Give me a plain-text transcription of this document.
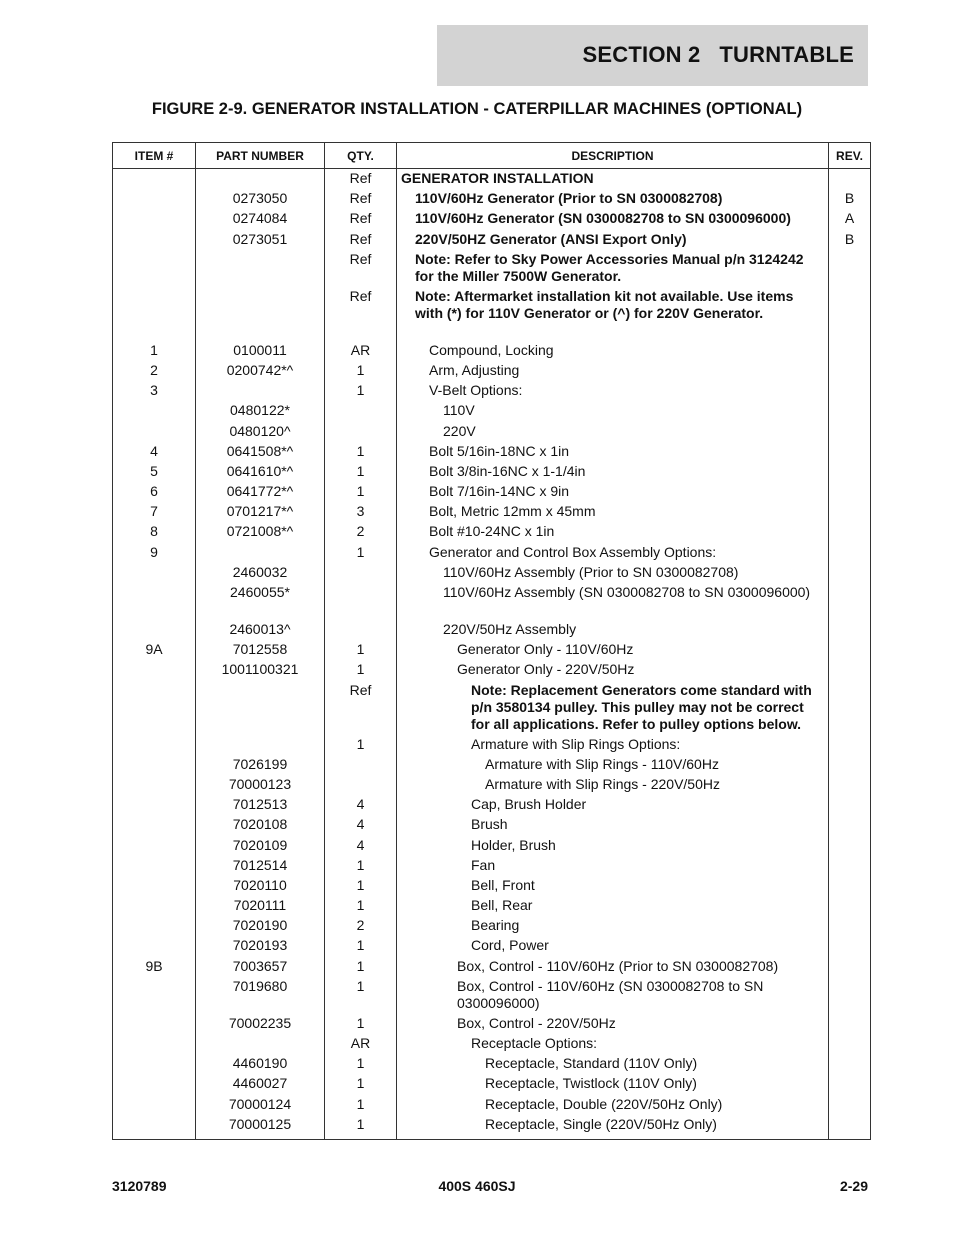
SECTION 2   TURNTABLE
FIGURE 2-9. GENERATOR INSTALLATION - CATERPILLAR MACHINES (OPTIONAL)
ITEM #	PART NUMBER	QTY.	DESCRIPTION	REV.
		Ref	GENERATOR INSTALLATION	
	0273050	Ref	110V/60Hz Generator (Prior to SN 0300082708)	B
	0274084	Ref	110V/60Hz Generator (SN 0300082708 to SN 0300096000)	A
	0273051	Ref	220V/50HZ Generator (ANSI Export Only)	B
		Ref	Note: Refer to Sky Power Accessories Manual p/n 3124242 for the Miller 7500W Generator.	
		Ref	Note: Aftermarket installation kit not available. Use items with (*) for 110V Generator or (^) for 220V Generator.	
1	0100011	AR	Compound, Locking	
2	0200742*^	1	Arm, Adjusting	
3		1	V-Belt Options:	
	0480122*		110V	
	0480120^		220V	
4	0641508*^	1	Bolt 5/16in-18NC x 1in	
5	0641610*^	1	Bolt 3/8in-16NC x 1-1/4in	
6	0641772*^	1	Bolt 7/16in-14NC x 9in	
7	0701217*^	3	Bolt, Metric 12mm x 45mm	
8	0721008*^	2	Bolt #10-24NC x 1in	
9		1	Generator and Control Box Assembly Options:	
	2460032		110V/60Hz Assembly (Prior to SN 0300082708)	
	2460055*		110V/60Hz Assembly (SN 0300082708 to SN 0300096000)	
	2460013^		220V/50Hz Assembly	
9A	7012558	1	Generator Only - 110V/60Hz	
	1001100321	1	Generator Only - 220V/50Hz	
		Ref	Note: Replacement Generators come standard with p/n 3580134 pulley. This pulley may not be correct for all applications. Refer to pulley options below.	
		1	Armature with Slip Rings Options:	
	7026199		Armature with Slip Rings - 110V/60Hz	
	70000123		Armature with Slip Rings - 220V/50Hz	
	7012513	4	Cap, Brush Holder	
	7020108	4	Brush	
	7020109	4	Holder, Brush	
	7012514	1	Fan	
	7020110	1	Bell, Front	
	7020111	1	Bell, Rear	
	7020190	2	Bearing	
	7020193	1	Cord, Power	
9B	7003657	1	Box, Control - 110V/60Hz (Prior to SN 0300082708)	
	7019680	1	Box, Control - 110V/60Hz (SN 0300082708 to SN 0300096000)	
	70002235	1	Box, Control - 220V/50Hz	
		AR	Receptacle Options:	
	4460190	1	Receptacle, Standard (110V Only)	
	4460027	1	Receptacle, Twistlock (110V Only)	
	70000124	1	Receptacle, Double (220V/50Hz Only)	
	70000125	1	Receptacle, Single (220V/50Hz Only)	
3120789	400S 460SJ	2-29
